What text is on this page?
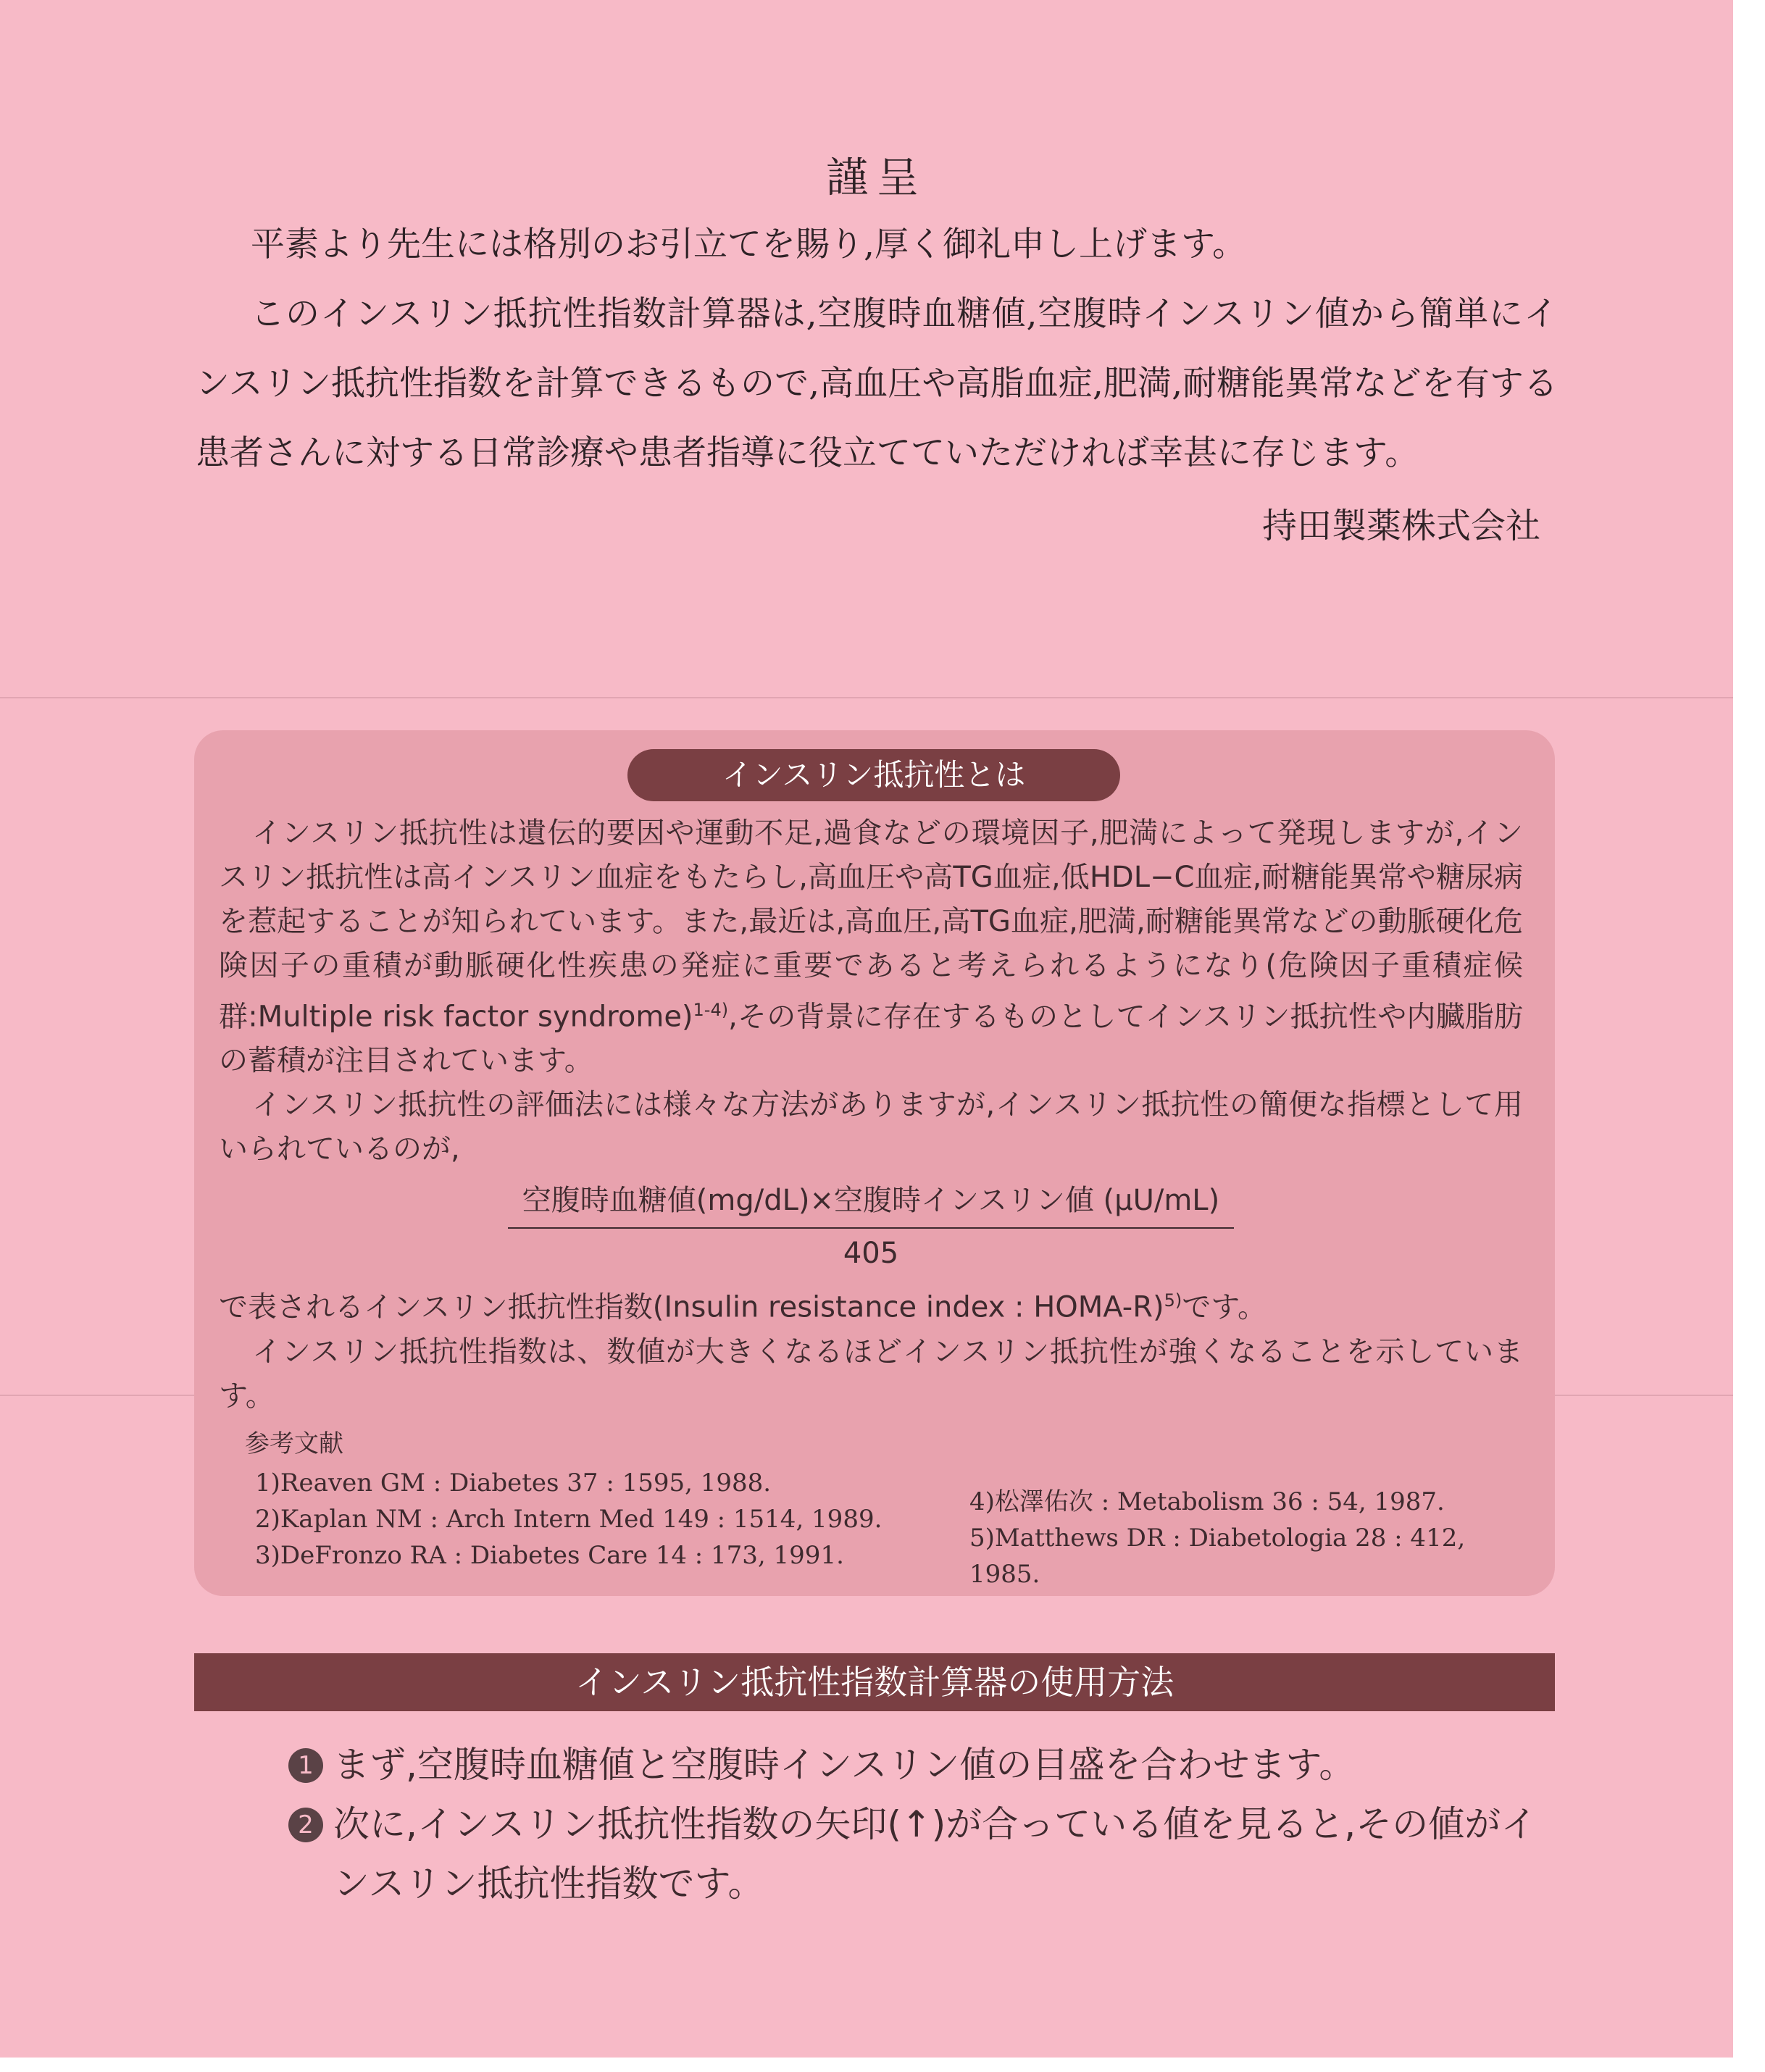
謹呈

平素より先生には格別のお引立てを賜り,厚く御礼申し上げます。

このインスリン抵抗性指数計算器は,空腹時血糖値,空腹時インスリン値から簡単にインスリン抵抗性指数を計算できるもので,高血圧や高脂血症,肥満,耐糖能異常などを有する患者さんに対する日常診療や患者指導に役立てていただければ幸甚に存じます。

持田製薬株式会社
インスリン抵抗性とは

インスリン抵抗性は遺伝的要因や運動不足,過食などの環境因子,肥満によって発現しますが,インスリン抵抗性は高インスリン血症をもたらし,高血圧や高TG血症,低HDL−C血症,耐糖能異常や糖尿病を惹起することが知られています。また,最近は,高血圧,高TG血症,肥満,耐糖能異常などの動脈硬化危険因子の重積が動脈硬化性疾患の発症に重要であると考えられるようになり(危険因子重積症候群:Multiple risk factor syndrome)$^{1-4)}$,その背景に存在するものとしてインスリン抵抗性や内臓脂肪の蓄積が注目されています。

インスリン抵抗性の評価法には様々な方法がありますが,インスリン抵抗性の簡便な指標として用いられているのが,

空腹時血糖値(mg/dL)×空腹時インスリン値 (μU/mL)
405

で表されるインスリン抵抗性指数(Insulin resistance index : HOMA-R)$^{5)}$です。

インスリン抵抗性指数は、数値が大きくなるほどインスリン抵抗性が強くなることを示しています。

参考文献
1)Reaven GM : Diabetes 37 : 1595, 1988.
2)Kaplan NM : Arch Intern Med 149 : 1514, 1989.
3)DeFronzo RA : Diabetes Care 14 : 173, 1991.
4)松澤佑次 : Metabolism 36 : 54, 1987.
5)Matthews DR : Diabetologia 28 : 412, 1985.
インスリン抵抗性指数計算器の使用方法
1 まず,空腹時血糖値と空腹時インスリン値の目盛を合わせます。
2 次に,インスリン抵抗性指数の矢印(↑)が合っている値を見ると,その値がインスリン抵抗性指数です。
